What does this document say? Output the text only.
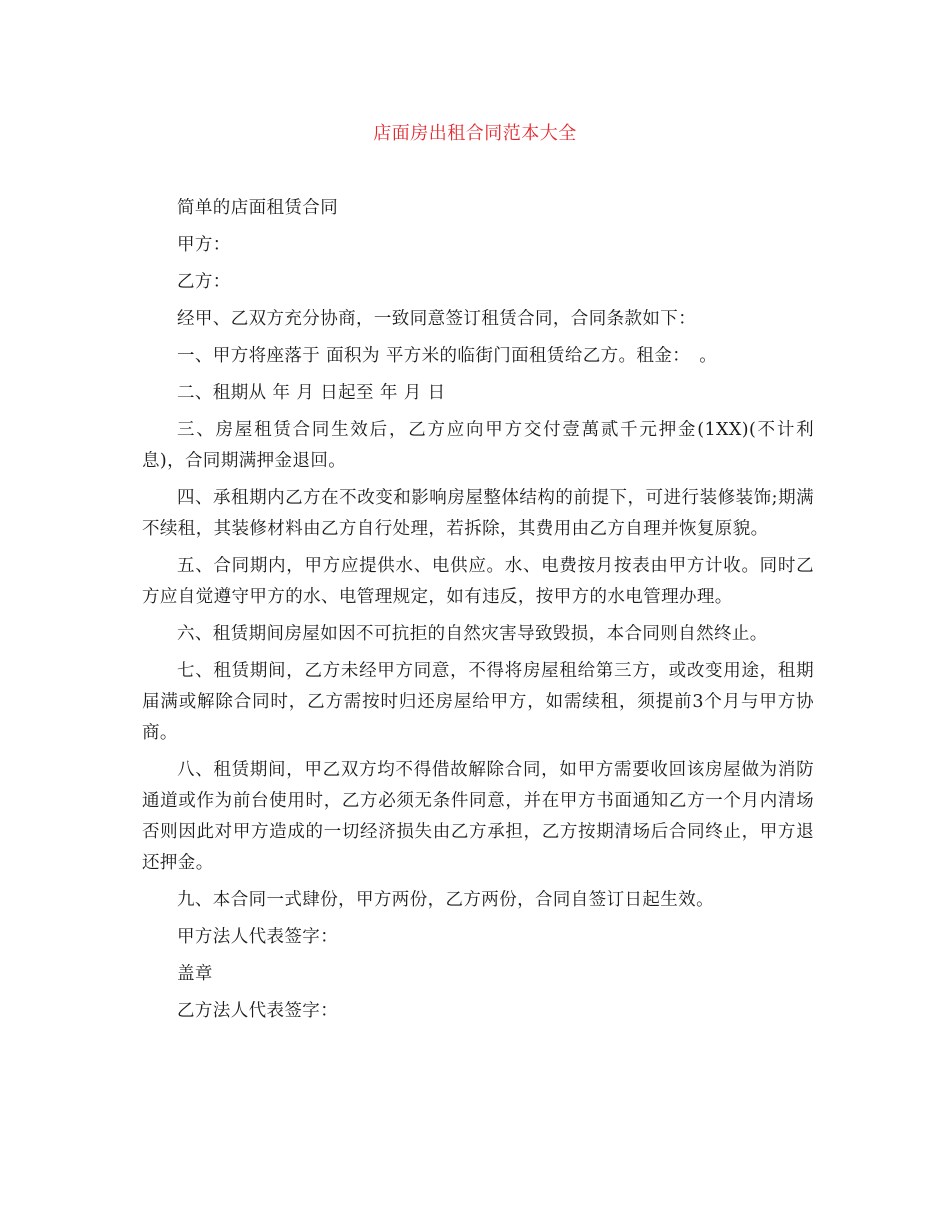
店面房出租合同范本大全

简单的店面租赁合同

甲方：

乙方：

经甲、乙双方充分协商，一致同意签订租赁合同，合同条款如下：

一、甲方将座落于 面积为 平方米的临街门面租赁给乙方。租金：　。

二、租期从 年 月 日起至 年 月 日

三、房屋租赁合同生效后，乙方应向甲方交付壹萬贰千元押金(1XX)(不计利息)，合同期满押金退回。

四、承租期内乙方在不改变和影响房屋整体结构的前提下，可进行装修装饰;期满不续租，其装修材料由乙方自行处理，若拆除，其费用由乙方自理并恢复原貌。

五、合同期内，甲方应提供水、电供应。水、电费按月按表由甲方计收。同时乙方应自觉遵守甲方的水、电管理规定，如有违反，按甲方的水电管理办理。

六、租赁期间房屋如因不可抗拒的自然灾害导致毁损，本合同则自然终止。

七、租赁期间，乙方未经甲方同意，不得将房屋租给第三方，或改变用途，租期届满或解除合同时，乙方需按时归还房屋给甲方，如需续租，须提前3个月与甲方协商。

八、租赁期间，甲乙双方均不得借故解除合同，如甲方需要收回该房屋做为消防通道或作为前台使用时，乙方必须无条件同意，并在甲方书面通知乙方一个月内清场否则因此对甲方造成的一切经济损失由乙方承担，乙方按期清场后合同终止，甲方退还押金。

九、本合同一式肆份，甲方两份，乙方两份，合同自签订日起生效。

甲方法人代表签字：

盖章

乙方法人代表签字：
